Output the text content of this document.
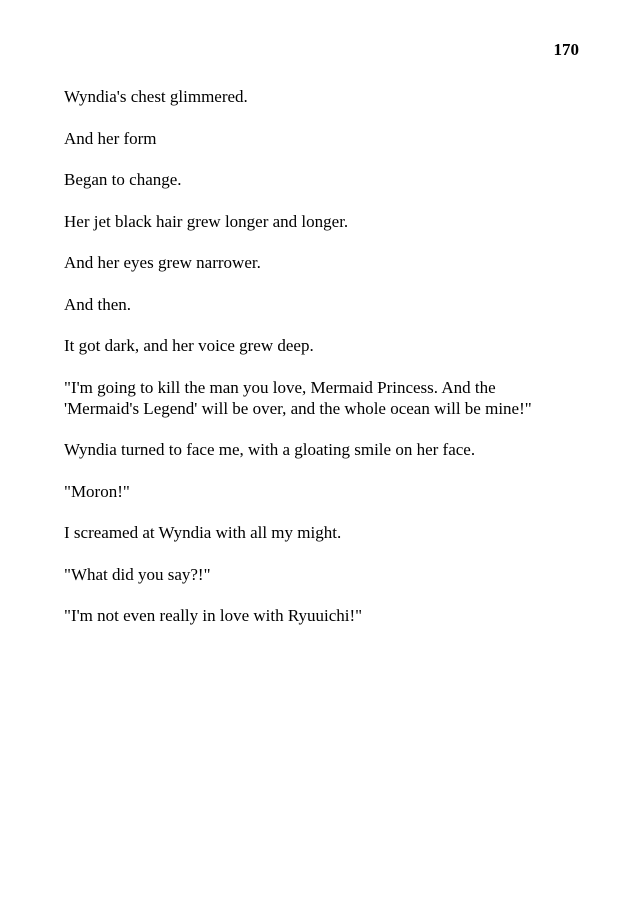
170

Wyndia's chest glimmered.

And her form

Began to change.

Her jet black hair grew longer and longer.

And her eyes grew narrower.

And then.

It got dark, and her voice grew deep.

"I'm going to kill the man you love, Mermaid Princess. And the
'Mermaid's Legend' will be over, and the whole ocean will be mine!"

Wyndia turned to face me, with a gloating smile on her face.

"Moron!"

I screamed at Wyndia with all my might.

"What did you say?!"

"I'm not even really in love with Ryuuichi!"
